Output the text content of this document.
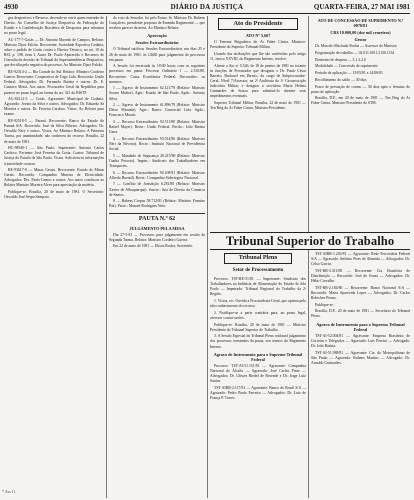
4930	DIÁRIO DA JUSTIÇA	QUARTA-FEIRA, 27 MAI 1981

gos desportivos e Recurso, devendo-se ouvir quem entender de Direito. Ao Conselho de Justiça Desportiva da Federação do Estado e à Confederação Brasileira de Desportos para informar no prazo legal.

AC-177-7-Goiás — Dr. Antonio Macedo de Campos. Relator: Ministro Djaci Falcão. Recorrente: Sociedade Esportiva Goiânia, sobre o pedido de Goiás contra o Diretor Técnico, no art. 10 do RSI, p. 198, item I, Autor Dr. Paulo Aparecido e Recursos de Consulta da decisão do Tribunal da Superintendência Desportiva, que decidiu pela negativa do processo. Ao Ministro Djaci Falcão.

RE-92314-2 — Rio Grande do Sul. Relator: Ministro Cordeiro Guerra. Recorrente: Cooperativa de Trigo Ltda. Recorrida: União Federal. Advogados: Dr. Fernando Batista e outros. Dr. E. Gustavo Motta. Aos autos. Procurador Geral da República para parecer no prazo legal, na forma do art. 321 do RISTF.

AG-82212-3 — Goiás. Agravante: Municipal de Goiânia. Agravado: Jovino da Silva e outros. Advogados: Dr. Eduardo Sá Moreira e outros. Dr. Ferreira Cardoso. Vistos. Ao Relator para exame.

RE-92518-5 — Paraná. Recorrente: Banco do Estado do Paraná S/A. Recorrido: José da Silva Ribeiro. Advogados: Dr. Osvaldo Nery e outros. Vistos. Ao Ministro Relator. A Primeira Turma, por unanimidade, não conheceu do recurso. Brasília, 22 de maio de 1981.

HC-58940-1 — São Paulo. Impetrante: Antonio Carlos Cardoso. Paciente: José Ferreira da Costa. Coator: Tribunal de Justiça do Estado de São Paulo. Vistos. Solicitem-se informações à autoridade coatora.

RE-93617-0 — Minas Gerais. Recorrente: Estado de Minas Gerais. Recorrido: Companhia Mineira de Eletricidade. Advogados: Drs. Paulo Lemos e outros. Aos autos conclusos ao Relator Ministro Moreira Alves para apreciação da matéria.

Publique-se. Brasília, 20 de maio de 1981. O Secretário: Oswaldo José Serpa Sampaio.

do voto do Senador, foi pelo Exmo. Sr. Ministro Dr. Rubens Gonçalves, presidente proposta de Emenda Regimental — que recebeu parecer da mesa. Ao Ministro Relator.

Aprovação
Sessões Extraordinárias

O Tribunal ratificou Sessões Extraordinárias nos dias 25 e 26 de maio de 1981, às 14h30 para julgamento de processos em pauta.

A Sessão foi encerrada às 18:00 horas com os seguintes processos em pauta: Processo Ordinário 1 — 2.310/80, Recorrente: Caixa Econômica Federal. Recorridos: os mesmos.

1 — Agravo de Instrumento 62.121/79 (Relator: Ministro Soares Muñoz). Agte.: Estado de São Paulo. Agdo.: Antonio Silva.

2 — Agravo de Instrumento 61.896/79 (Relator: Ministro Décio Miranda). Agte.: Banco Comercial Ltda. Agdo.: Francisco Morais.

3 — Recurso Extraordinário 92.511/80 (Relator: Ministro Rafael Mayer). Recte.: União Federal. Recdo.: João Batista Lima.

4 — Recurso Extraordinário 93.014/80 (Relator: Ministro Néri da Silveira). Recte.: Instituto Nacional de Previdência Social.

5 — Mandado de Segurança 20.215/80 (Relator: Ministro Cunha Peixoto). Imptes.: Sindicato dos Trabalhadores em Transportes.

6 — Recurso Extraordinário 94.108/81 (Relator: Ministro Alfredo Buzaid). Recte.: Companhia Siderúrgica Nacional.

7 — Conflito de Jurisdição 6.281/80 (Relator: Ministro Xavier de Albuquerque). Suscte.: Juiz de Direito da Comarca de Santos.

8 — Habeas Corpus 58.712/81 (Relator: Ministro Firmino Paz). Pacte.: Manoel Rodrigues Neto.

PAUTA N.º 62
JULGAMENTO PELA MESA

Dia 27-5-81 — Processos para julgamento em sessão da Segunda Turma, Relator: Ministro Cordeiro Guerra.

Em 22 de maio de 1981 — Eliseu Rocha, Secretário.

Ato do Presidente
ATO Nº 5.607

O Tenente Brigadeiro do Ar Faber Cintra, Ministro-Presidente do Superior Tribunal Militar,

Usando das atribuições que lhe são conferidas pelo artigo 11, inciso XXVIII, do Regimento Interno, resolve:

Alterar o Ato nº 5.326, de 18 de janeiro de 1981 no tocante às funções de Procurador que designou o Dr. Paulo César Barreto, Bacharel em Direito, do cargo de Subprocurador-Geral, Nível 7/Assessor, na 2ª Auditoria da 1ª Circunscrição Judiciária Militar, e designar a servidora Maria Helena Guimarães de Souza para substituí-lo durante seus impedimentos eventuais.

Superior Tribunal Militar, Brasília, 22 de maio de 1981 — Ten Brig do Ar Faber Cintra, Ministro-Presidente.

ATO DE CONCESSÃO DE SUPRIMENTO N.º 0070/81
CR$ 10.000,00 (dez mil cruzeiros)
Gestor

Dr. Marcelo Machado Rocha — Assessor do Ministro

Programação de trabalho — 02.011.0011.2150.1134

Elemento de despesa — 3.1.3.2.0

Modalidade — Concessão de suprimento

Período de aplicação — 15/05/81 a 14/06/81

Recolhimento do saldo — 30 dias

Prazo de prestação de contas — 30 dias após o término do prazo de aplicação.

Brasília, D.F., em 20 de maio de 1981 — Ten Brig do Ar Faber Cintra, Ministro-Presidente do STM.

Tribunal Superior do Trabalho
Tribunal Pleno
Setor de Processamento

Processo: TST-RE-51/81 — Impetrante: Sindicato dos Trabalhadores na Indústria de Alimentação do Estado de São Paulo — Impetrado: Tribunal Regional do Trabalho da 2ª Região.

1. Vistos, etc. Ouvida a Procuradoria-Geral, que opinou pelo não conhecimento do recurso.

2. Notifique-se a parte contrária para, no prazo legal, oferecer contra-razões.

Publique-se. Brasília, 20 de maio de 1981 — Ministro Presidente do Tribunal Superior do Trabalho.

3. A Sessão Especial do Tribunal Pleno realizará julgamento dos processos constantes da pauta, nos termos do Regimento Interno.

Agravo de Instrumento para o Supremo Tribunal Federal

Processo: TST-AI-51.151/81 — Agravante: Companhia Nacional de Álcalis — Agravado: José Carlos Pinto — Advogados: Dr. Ulisses Riedel de Resende e Dr. Jorge Luiz Santos.

TST-AIRR-2.117/81 — Agravante: Banco do Brasil S/A — Agravado: Pedro Paulo Ferreira — Advogados: Dr. Luiz de França P. Torres.

TST-AIRR-1.203/81 — Agravante: Rede Ferroviária Federal S/A — Agravado: Antônio Pires de Almeida — Advogados: Dr. Celso Garcia.

TST-RR-3.311/80 — Recorrente: Cia. Brasileira de Distribuição — Recorrido: José de Souza — Advogados: Dr. Hélio Carvalho.

TST-RR-2.184/80 — Recorrente: Banco Nacional S/A — Recorrido: Maria Aparecida Lopes — Advogados: Dr. Carlos Robichez Penna.

Publique-se.

Brasília, D.F., 20 de maio de 1981 — Secretário do Tribunal Pleno.

Agravo de Instrumento para o Supremo Tribunal Federal

TST-AI-52.004/81 — Agravante: Empresa Brasileira de Correios e Telégrafos — Agravado: Luís Pereira — Advogado: Dr. João Batista.

TST-AI-51.988/81 — Agravante: Cia. do Metropolitano de São Paulo — Agravado: Rubens Martins — Advogado: Dr. Arnaldo Guimarães.

* Ass 11
